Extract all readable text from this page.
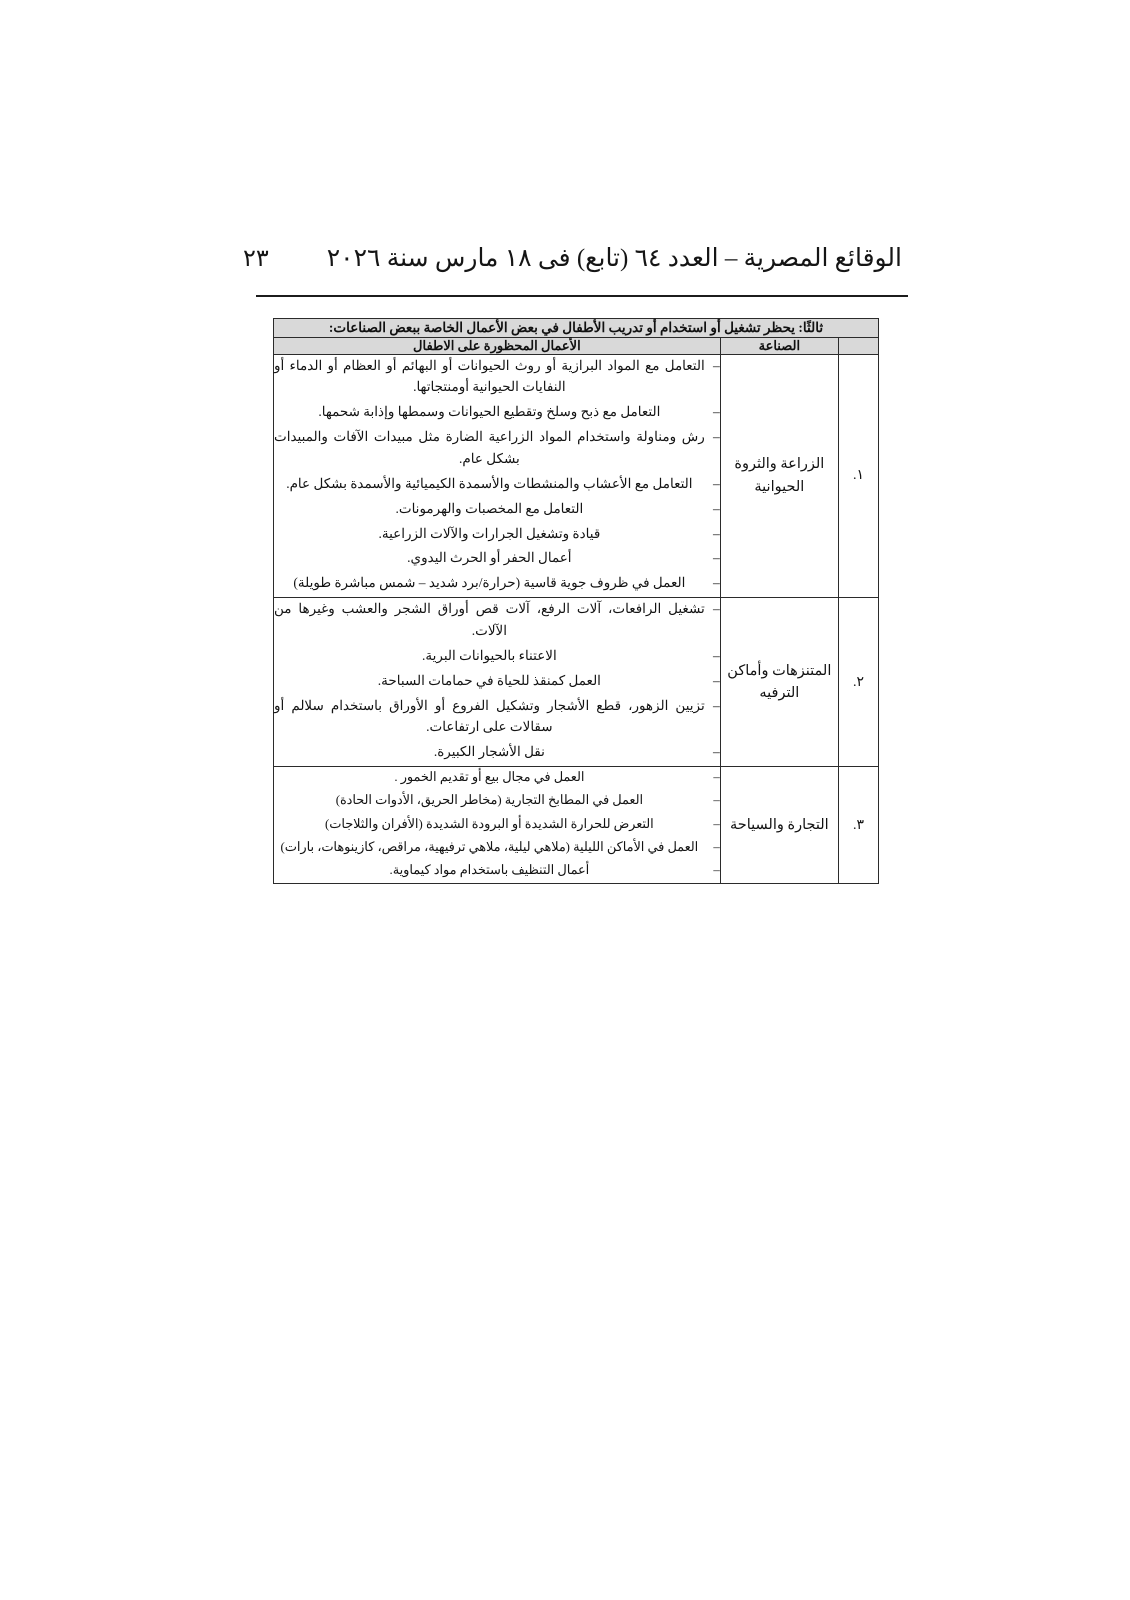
الوقائع المصرية – العدد ٦٤ (تابع) فى ١٨ مارس سنة ٢٠٢٦
٢٣
ثالثًا: يحظر تشغيل أو استخدام أو تدريب الأطفال في بعض الأعمال الخاصة ببعض الصناعات:		
	الصناعة	الأعمال المحظورة على الاطفال
١.	الزراعة والثروة الحيوانية	
– التعامل مع المواد البرازية أو روث الحيوانات أو البهائم أو العظام أو الدماء أو النفايات الحيوانية أومنتجاتها.
– التعامل مع ذبح وسلخ وتقطيع الحيوانات وسمطها وإذابة شحمها.
– رش ومناولة واستخدام المواد الزراعية الضارة مثل مبيدات الآفات والمبيدات بشكل عام.
– التعامل مع الأعشاب والمنشطات والأسمدة الكيميائية والأسمدة بشكل عام.
– التعامل مع المخصبات والهرمونات.
– قيادة وتشغيل الجرارات والآلات الزراعية.
– أعمال الحفر أو الحرث اليدوي.
– العمل في ظروف جوية قاسية (حرارة/برد شديد – شمس مباشرة طويلة)

٢.	المتنزهات وأماكن الترفيه	
– تشغيل الرافعات، آلات الرفع، آلات قص أوراق الشجر والعشب وغيرها من الآلات.
– الاعتناء بالحيوانات البرية.
– العمل كمنقذ للحياة في حمامات السباحة.
– تزيين الزهور، قطع الأشجار وتشكيل الفروع أو الأوراق باستخدام سلالم أو سقالات على ارتفاعات.
– نقل الأشجار الكبيرة.

٣.	التجارة والسياحة	
– العمل في مجال بيع أو تقديم الخمور .
– العمل في المطابخ التجارية (مخاطر الحريق، الأدوات الحادة)
– التعرض للحرارة الشديدة أو البرودة الشديدة (الأفران والثلاجات)
– العمل في الأماكن الليلية (ملاهي ليلية، ملاهي ترفيهية، مراقص، كازينوهات، بارات)
– أعمال التنظيف باستخدام مواد كيماوية.
